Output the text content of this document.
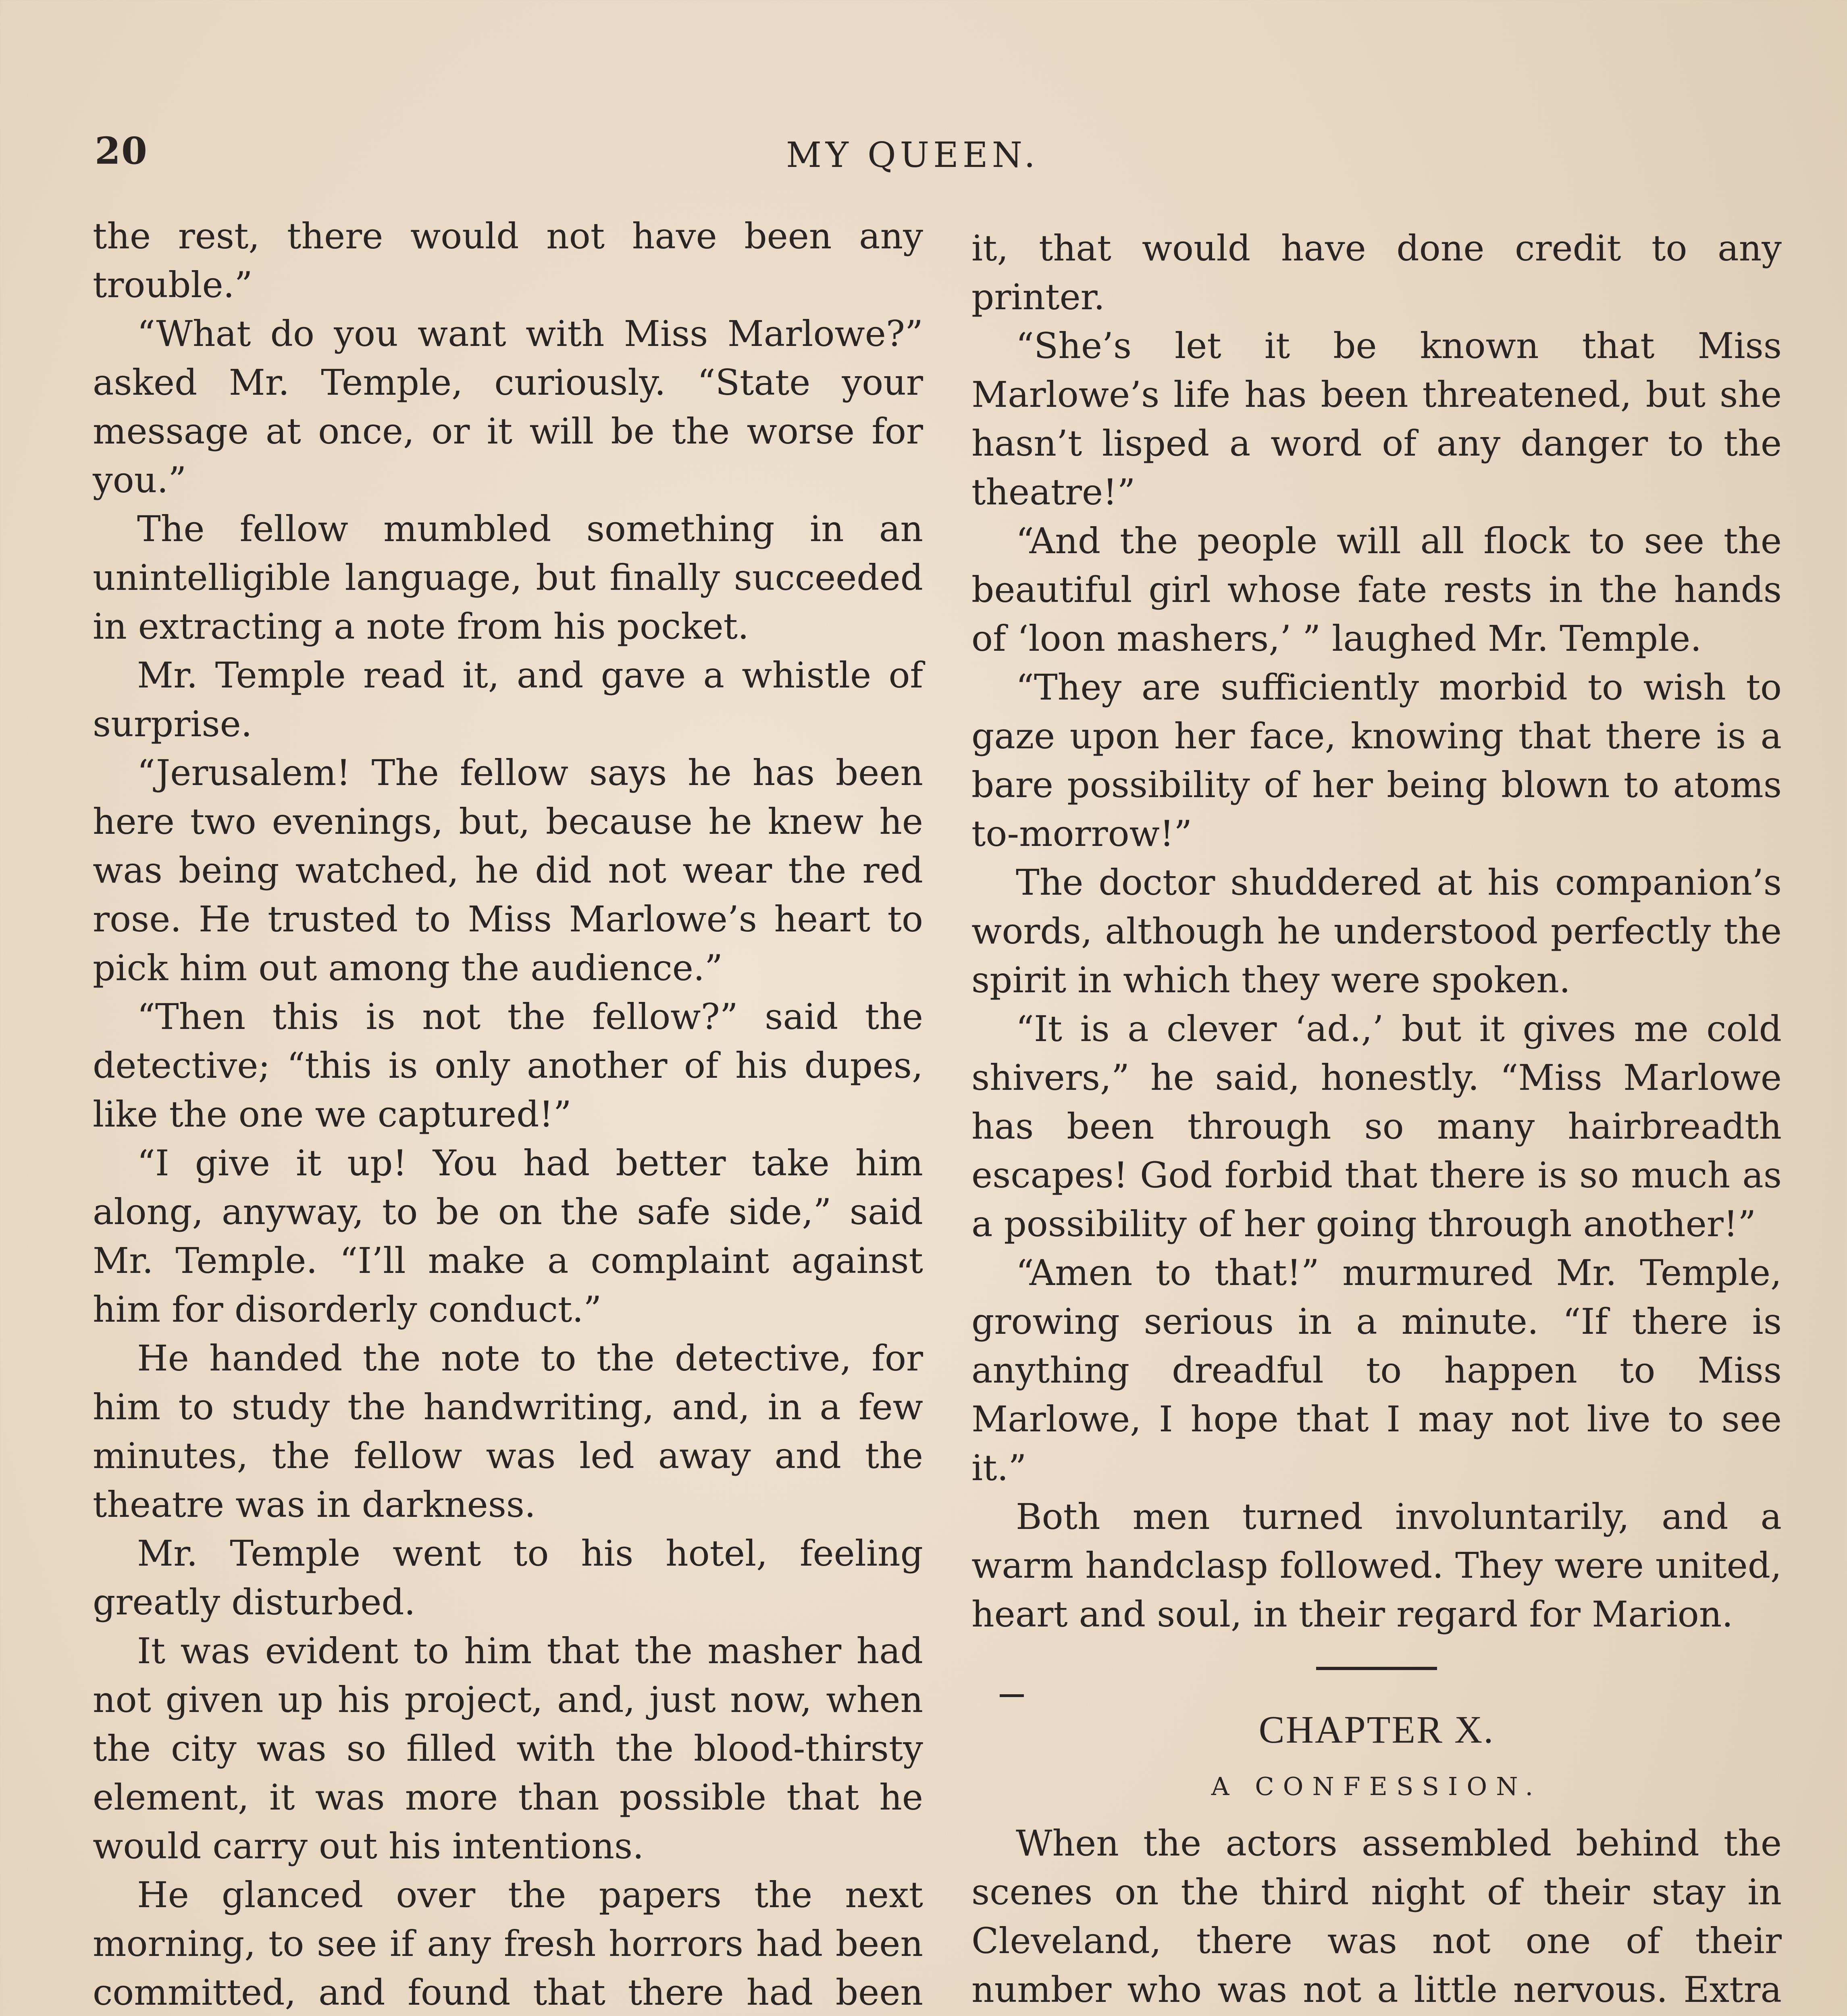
20	MY QUEEN.

the rest, there would not have been any trouble.”

“What do you want with Miss Marlowe?” asked Mr. Temple, curiously. “State your message at once, or it will be the worse for you.”

The fellow mumbled something in an unintelligible language, but finally succeeded in extracting a note from his pocket.

Mr. Temple read it, and gave a whistle of surprise.

“Jerusalem! The fellow says he has been here two evenings, but, because he knew he was being watched, he did not wear the red rose. He trusted to Miss Marlowe’s heart to pick him out among the audience.”

“Then this is not the fellow?” said the detective; “this is only another of his dupes, like the one we captured!”

“I give it up! You had better take him along, anyway, to be on the safe side,” said Mr. Temple. “I’ll make a complaint against him for disorderly conduct.”

He handed the note to the detective, for him to study the handwriting, and, in a few minutes, the fellow was led away and the theatre was in darkness.

Mr. Temple went to his hotel, feeling greatly disturbed.

It was evident to him that the masher had not given up his project, and, just now, when the city was so filled with the blood-thirsty element, it was more than possible that he would carry out his intentions.

He glanced over the papers the next morning, to see if any fresh horrors had been committed, and found that there had been

it, that would have done credit to any printer.

“She’s let it be known that Miss Marlowe’s life has been threatened, but she hasn’t lisped a word of any danger to the theatre!”

“And the people will all flock to see the beautiful girl whose fate rests in the hands of ‘loon mashers,’ ” laughed Mr. Temple.

“They are sufficiently morbid to wish to gaze upon her face, knowing that there is a bare possibility of her being blown to atoms to-morrow!”

The doctor shuddered at his companion’s words, although he understood perfectly the spirit in which they were spoken.

“It is a clever ‘ad.,’ but it gives me cold shivers,” he said, honestly. “Miss Marlowe has been through so many hairbreadth escapes! God forbid that there is so much as a possibility of her going through another!”

“Amen to that!” murmured Mr. Temple, growing serious in a minute. “If there is anything dreadful to happen to Miss Marlowe, I hope that I may not live to see it.”

Both men turned involuntarily, and a warm handclasp followed. They were united, heart and soul, in their regard for Marion.

CHAPTER X.
A CONFESSION.

When the actors assembled behind the scenes on the third night of their stay in Cleveland, there was not one of their number who was not a little nervous. Extra
